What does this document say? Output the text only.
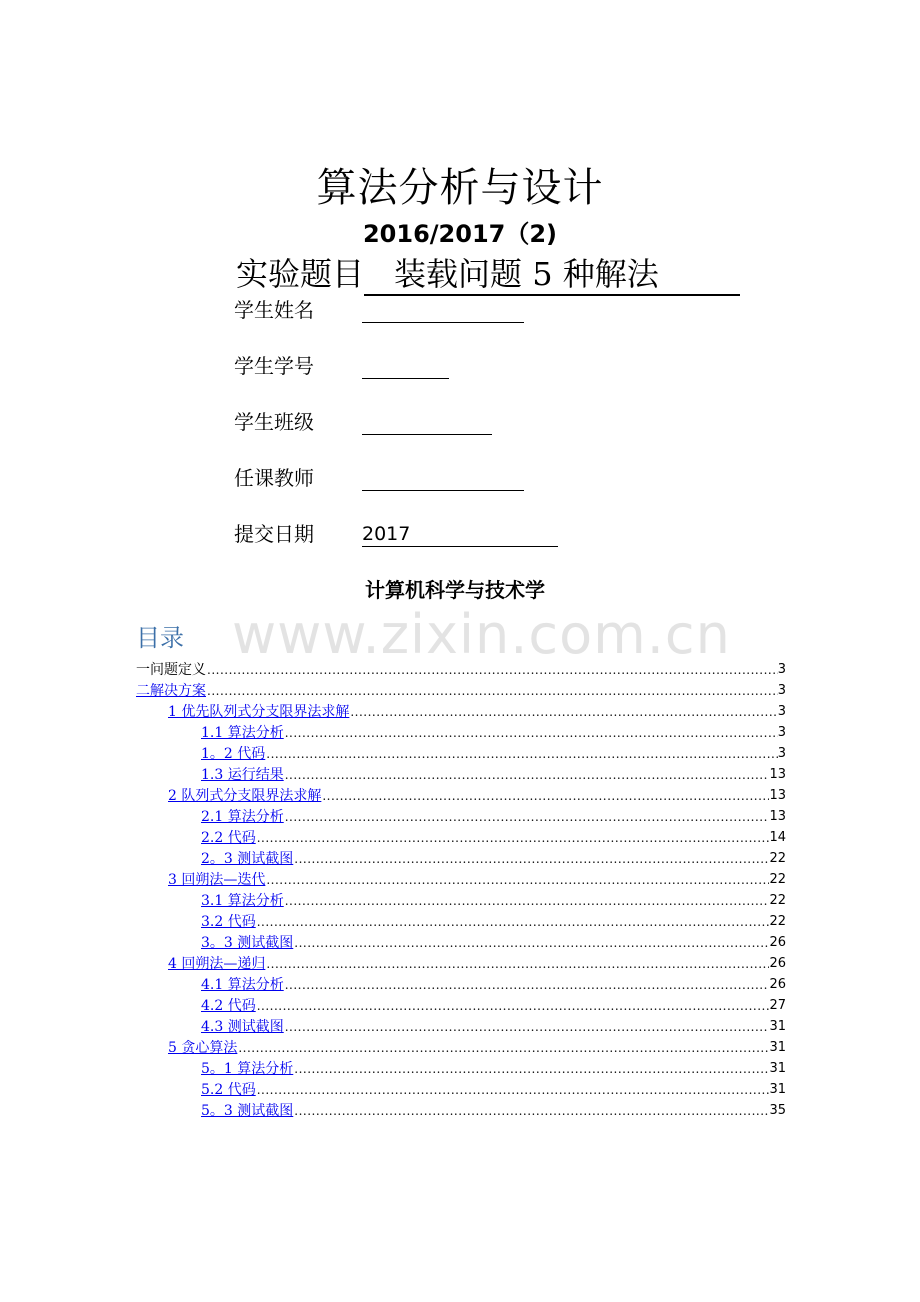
算法分析与设计
2016/2017（2)
实验题目 装载问题 5 种解法
学生姓名
学生学号
学生班级
任课教师
提交日期	2017
计算机科学与技术学
www.zixin.com.cn
目录
一问题定义 .....	3
二解决方案 .....	3
1 优先队列式分支限界法求解 .....	3
1.1 算法分析 .....	3
1。2 代码 .....	3
1.3 运行结果 .....	13
2 队列式分支限界法求解 .....	13
2.1 算法分析 .....	13
2.2 代码 .....	14
2。3 测试截图 .....	22
3 回朔法—迭代 .....	22
3.1 算法分析 .....	22
3.2 代码 .....	22
3。3 测试截图 .....	26
4 回朔法—递归 .....	26
4.1 算法分析 .....	26
4.2 代码 .....	27
4.3 测试截图 .....	31
5 贪心算法 .....	31
5。1 算法分析 .....	31
5.2 代码 .....	31
5。3 测试截图 .....	35
